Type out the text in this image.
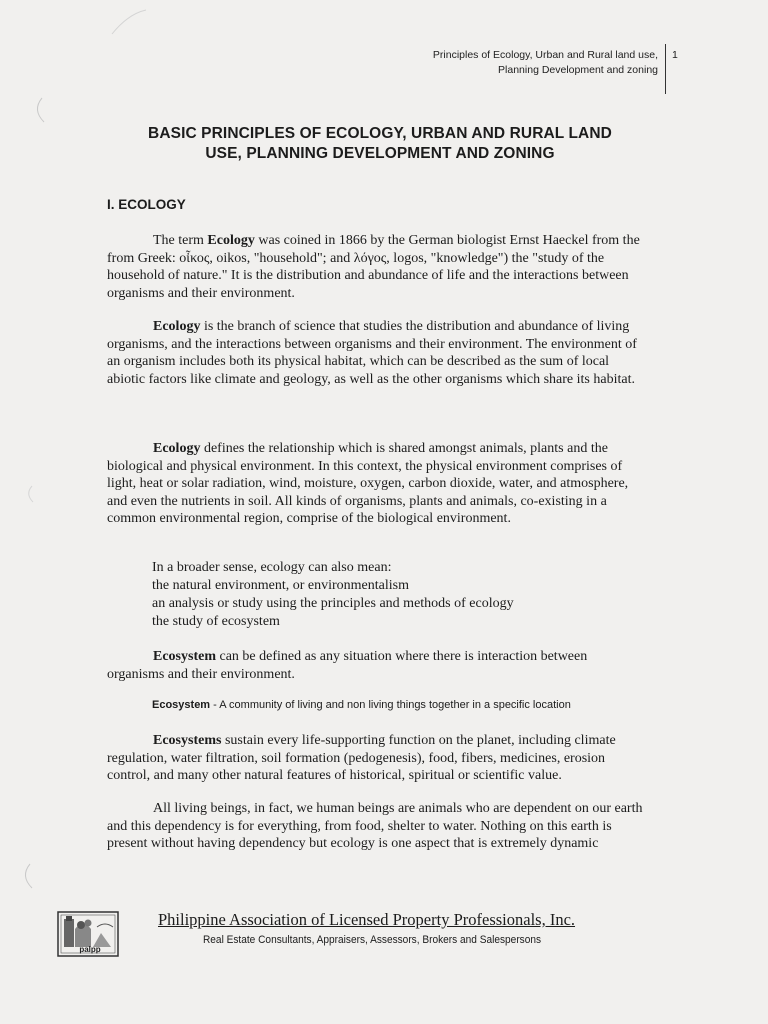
Principles of Ecology, Urban and Rural land use,
Planning Development and zoning
1
BASIC PRINCIPLES OF ECOLOGY, URBAN AND RURAL LAND
USE, PLANNING DEVELOPMENT AND ZONING
I. ECOLOGY

The term Ecology was coined in 1866 by the German biologist Ernst Haeckel from the from Greek: οἶκος, oikos, "household"; and λόγος, logos, "knowledge") the "study of the household of nature." It is the distribution and abundance of life and the interactions between organisms and their environment.

Ecology is the branch of science that studies the distribution and abundance of living organisms, and the interactions between organisms and their environment. The environment of an organism includes both its physical habitat, which can be described as the sum of local abiotic factors like climate and geology, as well as the other organisms which share its habitat.

Ecology defines the relationship which is shared amongst animals, plants and the biological and physical environment. In this context, the physical environment comprises of light, heat or solar radiation, wind, moisture, oxygen, carbon dioxide, water, and atmosphere, and even the nutrients in soil. All kinds of organisms, plants and animals, co-existing in a common environmental region, comprise of the biological environment.

In a broader sense, ecology can also mean:
the natural environment, or environmentalism
an analysis or study using the principles and methods of ecology
the study of ecosystem

Ecosystem can be defined as any situation where there is interaction between organisms and their environment.

Ecosystem - A community of living and non living things together in a specific location

Ecosystems sustain every life-supporting function on the planet, including climate regulation, water filtration, soil formation (pedogenesis), food, fibers, medicines, erosion control, and many other natural features of historical, spiritual or scientific value.

All living beings, in fact, we human beings are animals who are dependent on our earth and this dependency is for everything, from food, shelter to water. Nothing on this earth is present without having dependency but ecology is one aspect that is extremely dynamic

palpp
Philippine Association of Licensed Property Professionals, Inc.
Real Estate Consultants, Appraisers, Assessors, Brokers and Salespersons
